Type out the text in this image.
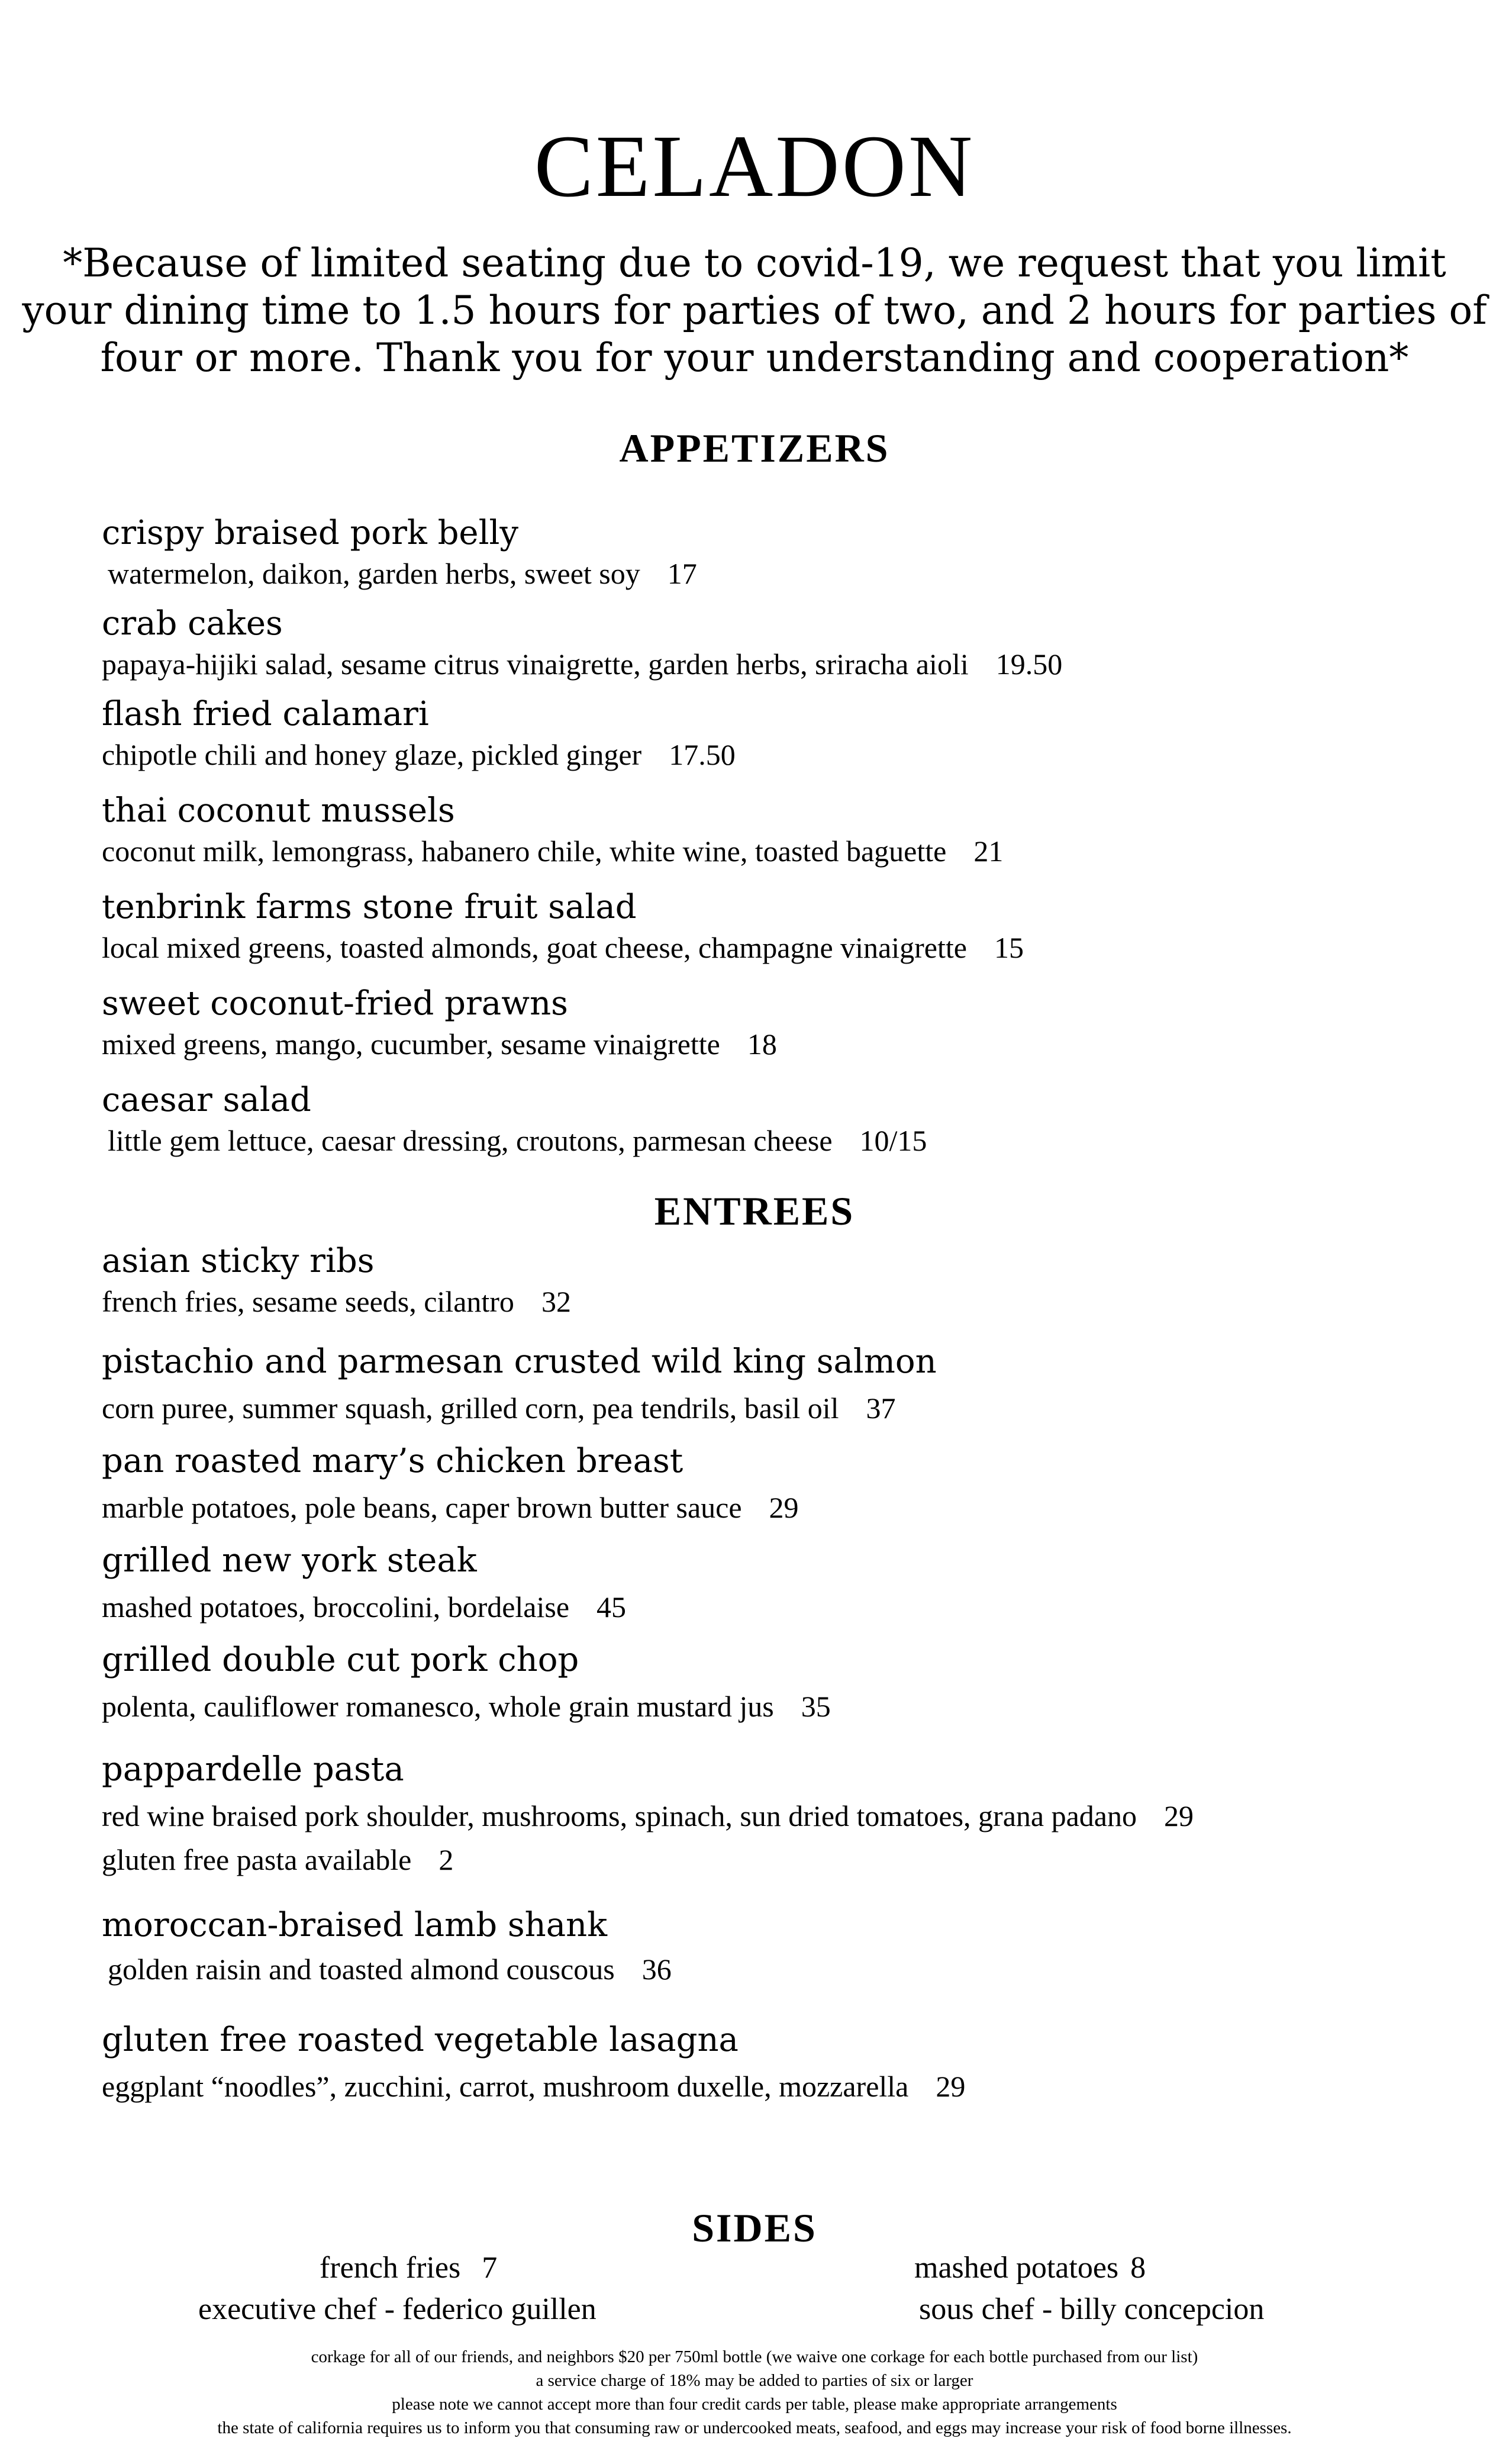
CELADON

*Because of limited seating due to covid-19, we request that you limit your dining time to 1.5 hours for parties of two, and 2 hours for parties of four or more. Thank you for your understanding and cooperation*

APPETIZERS
crispy braised pork belly
watermelon, daikon, garden herbs, sweet soy 17
crab cakes
papaya-hijiki salad, sesame citrus vinaigrette, garden herbs, sriracha aioli 19.50
flash fried calamari
chipotle chili and honey glaze, pickled ginger 17.50
thai coconut mussels
coconut milk, lemongrass, habanero chile, white wine, toasted baguette 21
tenbrink farms stone fruit salad
local mixed greens, toasted almonds, goat cheese, champagne vinaigrette 15
sweet coconut-fried prawns
mixed greens, mango, cucumber, sesame vinaigrette 18
caesar salad
little gem lettuce, caesar dressing, croutons, parmesan cheese 10/15
ENTREES
asian sticky ribs
french fries, sesame seeds, cilantro 32
pistachio and parmesan crusted wild king salmon
corn puree, summer squash, grilled corn, pea tendrils, basil oil 37
pan roasted mary’s chicken breast
marble potatoes, pole beans, caper brown butter sauce 29
grilled new york steak
mashed potatoes, broccolini, bordelaise 45
grilled double cut pork chop
polenta, cauliflower romanesco, whole grain mustard jus 35
pappardelle pasta
red wine braised pork shoulder, mushrooms, spinach, sun dried tomatoes, grana padano 29
gluten free pasta available 2
moroccan-braised lamb shank
golden raisin and toasted almond couscous 36
gluten free roasted vegetable lasagna
eggplant “noodles”, zucchini, carrot, mushroom duxelle, mozzarella 29
SIDES
french fries 7	mashed potatoes 8
executive chef - federico guillen	sous chef - billy concepcion
corkage for all of our friends, and neighbors $20 per 750ml bottle (we waive one corkage for each bottle purchased from our list)
a service charge of 18% may be added to parties of six or larger
please note we cannot accept more than four credit cards per table, please make appropriate arrangements
the state of california requires us to inform you that consuming raw or undercooked meats, seafood, and eggs may increase your risk of food borne illnesses.
